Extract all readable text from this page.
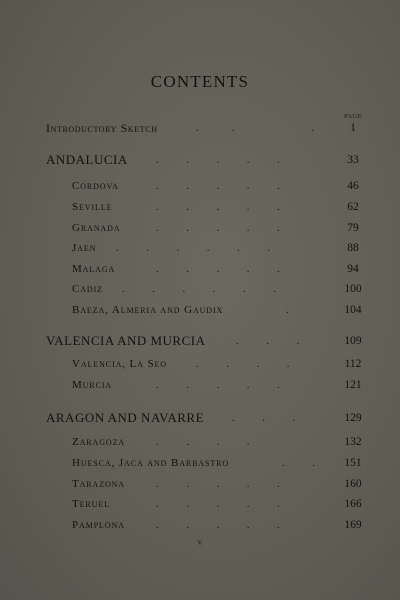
CONTENTS
PAGE
Introductory Sketch	.            .                            .	1
ANDALUCIA	.          .          .          .          .	33
Cordova	.          .          .          .          .	46
Seville	.          .          .          .          .	62
Granada	.          .          .          .          .	79
Jaen .          .          .          .          .          .	88
Malaga	.          .          .          .          .	94
Cadiz .          .          .          .          .          .	100
Baeza, Almeria and Gaudix	.	104
VALENCIA AND MURCIA	.          .          .	109
Valencia, La Seo	.          .          .          .	112
Murcia	.          .          .          .          .	121
ARAGON AND NAVARRE	.          .          .	129
Zaragoza	.          .          .          .	132
Huesca, Jaca and Barbastro	.          .	151
Tarazona	.          .          .          .          .	160
Teruel	.          .          .          .          .	166
Pamplona	.          .          .          .          .	169
v
